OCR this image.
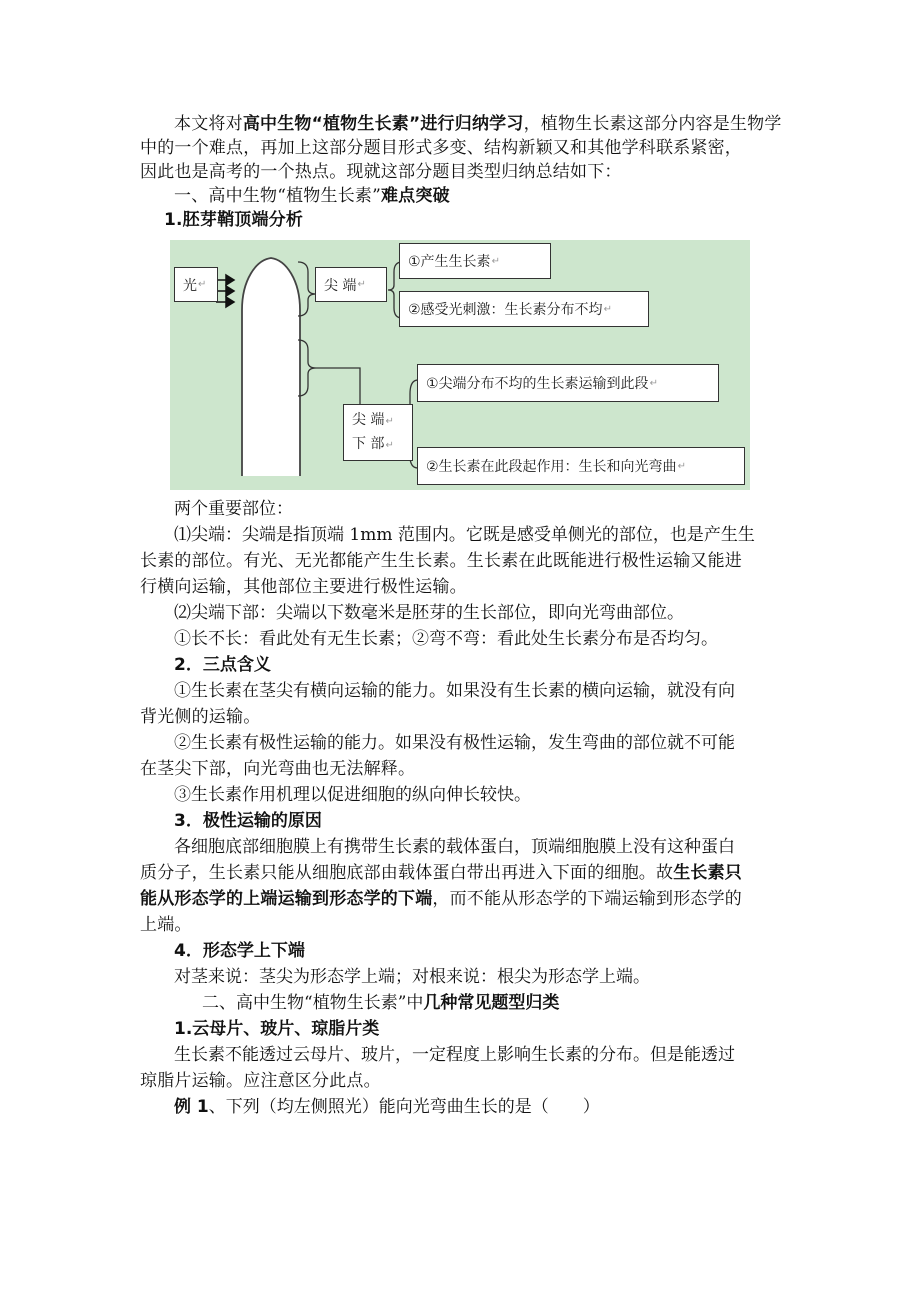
本文将对高中生物“植物生长素”进行归纳学习，植物生长素这部分内容是生物学
中的一个难点，再加上这部分题目形式多变、结构新颖又和其他学科联系紧密，
因此也是高考的一个热点。现就这部分题目类型归纳总结如下：
一、高中生物“植物生长素”难点突破
1.胚芽鞘顶端分析
光 ↵	尖 端 ↵
①产生生长素 ↵
②感受光刺激：生长素分布不均 ↵
尖 端↵
下 部↵
①尖端分布不均的生长素运输到此段 ↵
②生长素在此段起作用：生长和向光弯曲 ↵
两个重要部位：
⑴尖端：尖端是指顶端 1mm 范围内。它既是感受单侧光的部位，也是产生生
长素的部位。有光、无光都能产生生长素。生长素在此既能进行极性运输又能进
行横向运输，其他部位主要进行极性运输。
⑵尖端下部：尖端以下数毫米是胚芽的生长部位，即向光弯曲部位。
①长不长：看此处有无生长素；②弯不弯：看此处生长素分布是否均匀。
2．三点含义
①生长素在茎尖有横向运输的能力。如果没有生长素的横向运输，就没有向
背光侧的运输。
②生长素有极性运输的能力。如果没有极性运输，发生弯曲的部位就不可能
在茎尖下部，向光弯曲也无法解释。
③生长素作用机理以促进细胞的纵向伸长较快。
3．极性运输的原因
各细胞底部细胞膜上有携带生长素的载体蛋白，顶端细胞膜上没有这种蛋白
质分子，生长素只能从细胞底部由载体蛋白带出再进入下面的细胞。故生长素只
能从形态学的上端运输到形态学的下端，而不能从形态学的下端运输到形态学的
上端。
4．形态学上下端
对茎来说：茎尖为形态学上端；对根来说：根尖为形态学上端。
二、高中生物“植物生长素”中几种常见题型归类
1.云母片、玻片、琼脂片类
生长素不能透过云母片、玻片，一定程度上影响生长素的分布。但是能透过
琼脂片运输。应注意区分此点。
例 1、下列（均左侧照光）能向光弯曲生长的是（　　）
